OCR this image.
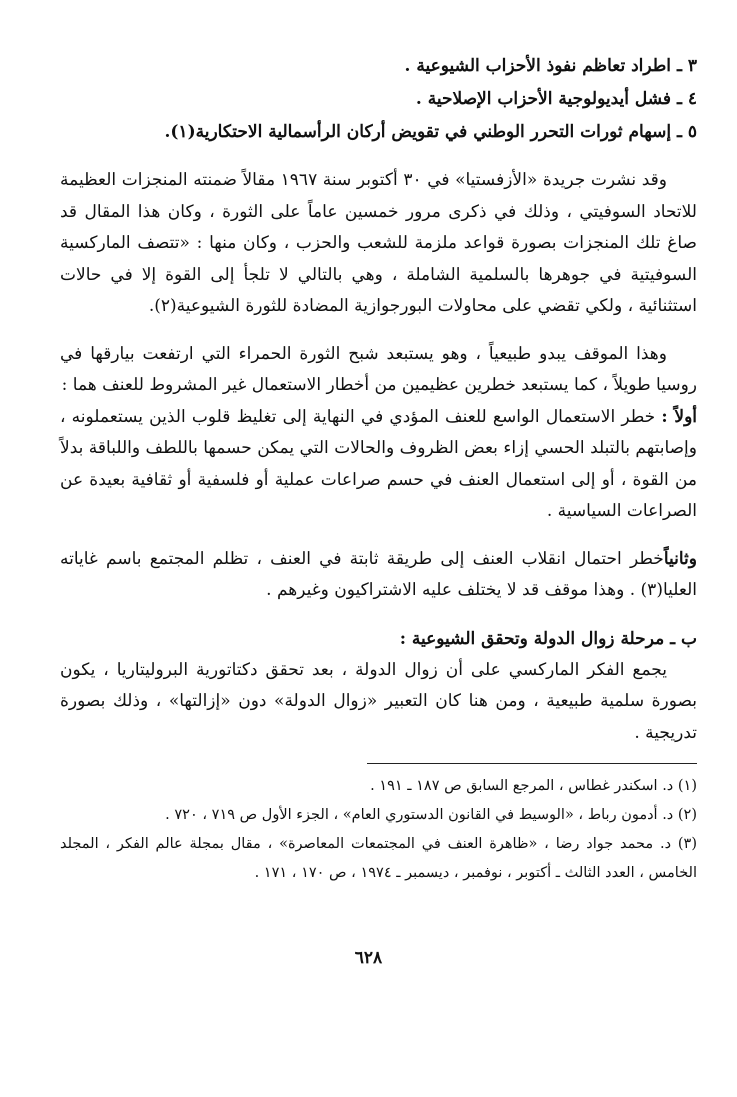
٣ ـ اطراد تعاظم نفوذ الأحزاب الشيوعية .

٤ ـ فشل أيديولوجية الأحزاب الإصلاحية .

٥ ـ إسهام ثورات التحرر الوطني في تقويض أركان الرأسمالية الاحتكارية(١).

وقد نشرت جريدة «الأزفستيا» في ٣٠ أكتوبر سنة ١٩٦٧ مقالاً ضمنته المنجزات العظيمة للاتحاد السوفيتي ، وذلك في ذكرى مرور خمسين عاماً على الثورة ، وكان هذا المقال قد صاغ تلك المنجزات بصورة قواعد ملزمة للشعب والحزب ، وكان منها : «تتصف الماركسية السوفيتية في جوهرها بالسلمية الشاملة ، وهي بالتالي لا تلجأ إلى القوة إلا في حالات استثنائية ، ولكي تقضي على محاولات البورجوازية المضادة للثورة الشيوعية(٢).

وهذا الموقف يبدو طبيعياً ، وهو يستبعد شبح الثورة الحمراء التي ارتفعت بيارقها في روسيا طويلاً ، كما يستبعد خطرين عظيمين من أخطار الاستعمال غير المشروط للعنف هما :

أولاً : خطر الاستعمال الواسع للعنف المؤدي في النهاية إلى تغليظ قلوب الذين يستعملونه ، وإصابتهم بالتبلد الحسي إزاء بعض الظروف والحالات التي يمكن حسمها باللطف واللباقة بدلاً من القوة ، أو إلى استعمال العنف في حسم صراعات عملية أو فلسفية أو ثقافية بعيدة عن الصراعات السياسية .

وثانياًخطر احتمال انقلاب العنف إلى طريقة ثابتة في العنف ، تظلم المجتمع باسم غاياته العليا(٣) . وهذا موقف قد لا يختلف عليه الاشتراكيون وغيرهم .

ب ـ مرحلة زوال الدولة وتحقق الشيوعية :

يجمع الفكر الماركسي على أن زوال الدولة ، بعد تحقق دكتاتورية البروليتاريا ، يكون بصورة سلمية طبيعية ، ومن هنا كان التعبير «زوال الدولة» دون «إزالتها» ، وذلك بصورة تدريجية .

(١) د. اسكندر غطاس ، المرجع السابق ص ١٨٧ ـ ١٩١ .

(٢) د. أدمون رباط ، «الوسيط في القانون الدستوري العام» ، الجزء الأول ص ٧١٩ ، ٧٢٠ .

(٣) د. محمد جواد رضا ، «ظاهرة العنف في المجتمعات المعاصرة» ، مقال بمجلة عالم الفكر ، المجلد الخامس ، العدد الثالث ـ أكتوبر ، نوفمبر ، ديسمبر ـ ١٩٧٤ ، ص ١٧٠ ، ١٧١ .

٦٢٨
